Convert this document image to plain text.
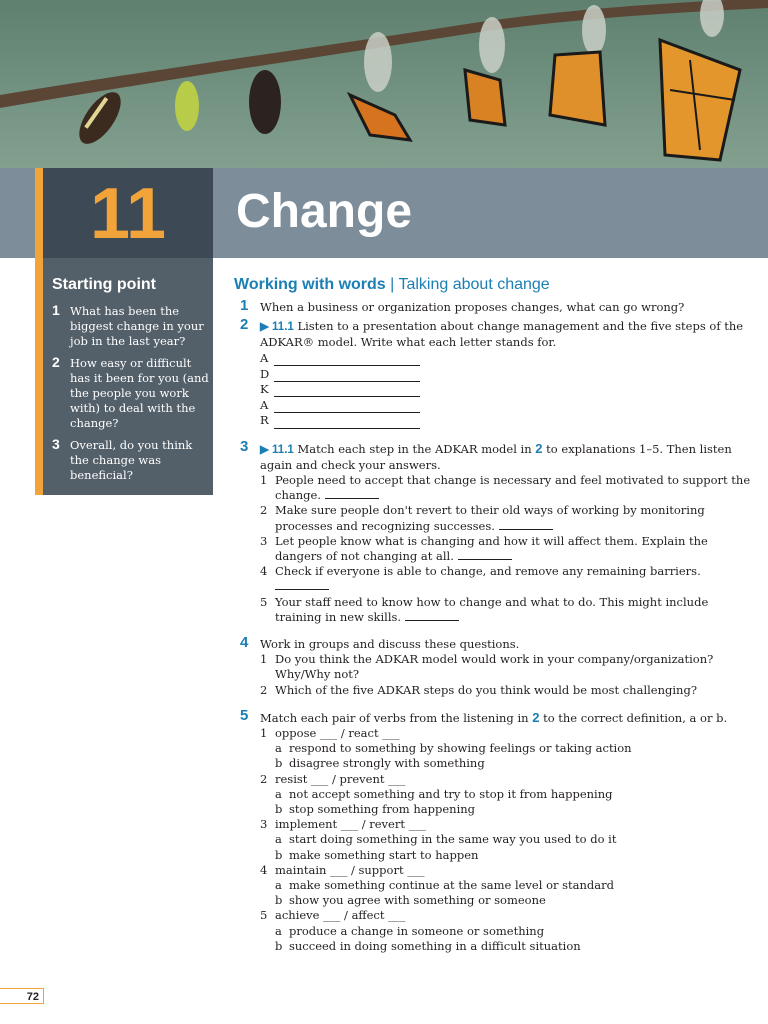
11	Change
Starting point
1 What has been the biggest change in your job in the last year?
2 How easy or difficult has it been for you (and the people you work with) to deal with the change?
3 Overall, do you think the change was beneficial?
Working with words | Talking about change
1 When a business or organization proposes changes, what can go wrong?
2 ▶ 11.1 Listen to a presentation about change management and the five steps of the ADKAR® model. Write what each letter stands for.
A
D
K
A
R
3 ▶ 11.1 Match each step in the ADKAR model in 2 to explanations 1–5. Then listen again and check your answers.
1 People need to accept that change is necessary and feel motivated to support the change.
2 Make sure people don't revert to their old ways of working by monitoring processes and recognizing successes.
3 Let people know what is changing and how it will affect them. Explain the dangers of not changing at all.
4 Check if everyone is able to change, and remove any remaining barriers.

5 Your staff need to know how to change and what to do. This might include training in new skills.
4 Work in groups and discuss these questions.
1 Do you think the ADKAR model would work in your company/organization? Why/Why not?
2 Which of the five ADKAR steps do you think would be most challenging?
5 Match each pair of verbs from the listening in 2 to the correct definition, a or b.
1 oppose ___ / react ___
a respond to something by showing feelings or taking action
b disagree strongly with something
2 resist ___ / prevent ___
a not accept something and try to stop it from happening
b stop something from happening
3 implement ___ / revert ___
a start doing something in the same way you used to do it
b make something start to happen
4 maintain ___ / support ___
a make something continue at the same level or standard
b show you agree with something or someone
5 achieve ___ / affect ___
a produce a change in someone or something
b succeed in doing something in a difficult situation
72
